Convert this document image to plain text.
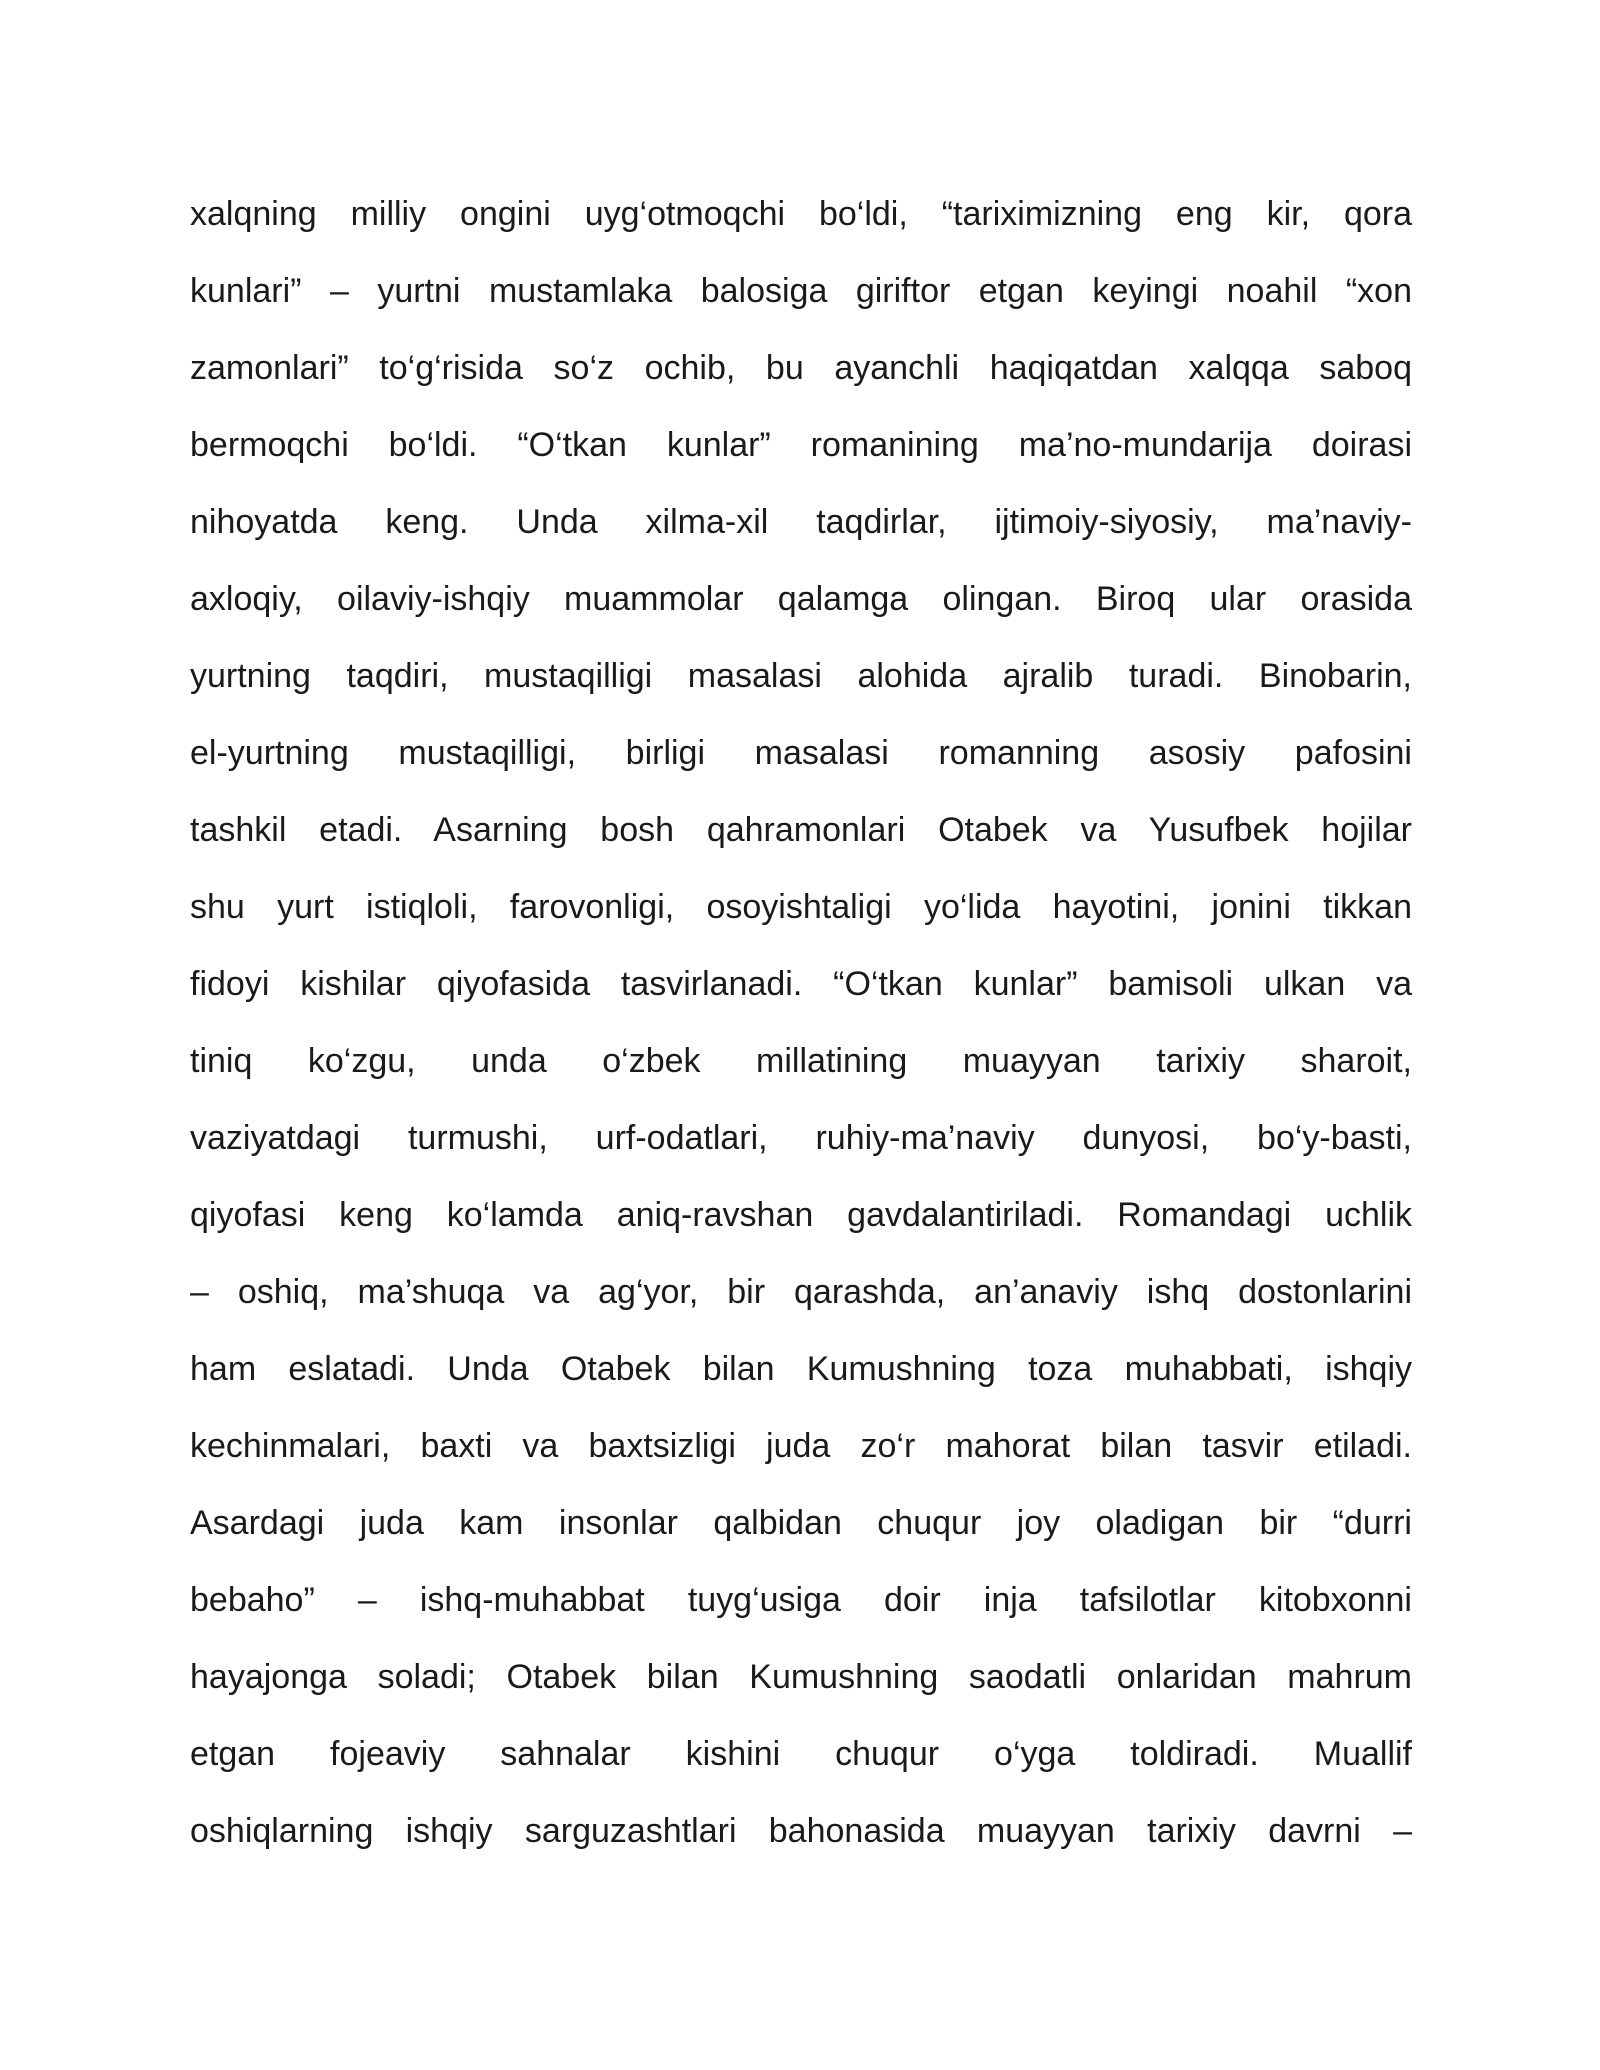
xalqning milliy ongini uyg‘otmoqchi bo‘ldi, “tariximizning eng kir, qora
kunlari” – yurtni mustamlaka balosiga giriftor etgan keyingi noahil “xon
zamonlari” to‘g‘risida so‘z ochib, bu ayanchli haqiqatdan xalqqa saboq
bermoqchi bo‘ldi. “O‘tkan kunlar” romanining ma’no-mundarija doirasi
nihoyatda keng. Unda xilma-xil taqdirlar, ijtimoiy-siyosiy, ma’naviy-
axloqiy, oilaviy-ishqiy muammolar qalamga olingan. Biroq ular orasida
yurtning taqdiri, mustaqilligi masalasi alohida ajralib turadi. Binobarin,
el-yurtning mustaqilligi, birligi masalasi romanning asosiy pafosini
tashkil etadi. Asarning bosh qahramonlari Otabek va Yusufbek hojilar
shu yurt istiqloli, farovonligi, osoyishtaligi yo‘lida hayotini, jonini tikkan
fidoyi kishilar qiyofasida tasvirlanadi. “O‘tkan kunlar” bamisoli ulkan va
tiniq ko‘zgu, unda o‘zbek millatining muayyan tarixiy sharoit,
vaziyatdagi turmushi, urf-odatlari, ruhiy-ma’naviy dunyosi, bo‘y-basti,
qiyofasi keng ko‘lamda aniq-ravshan gavdalantiriladi. Romandagi uchlik
– oshiq, ma’shuqa va ag‘yor, bir qarashda, an’anaviy ishq dostonlarini
ham eslatadi. Unda Otabek bilan Kumushning toza muhabbati, ishqiy
kechinmalari, baxti va baxtsizligi juda zo‘r mahorat bilan tasvir etiladi.
Asardagi juda kam insonlar qalbidan chuqur joy oladigan bir “durri
bebaho” – ishq-muhabbat tuyg‘usiga doir inja tafsilotlar kitobxonni
hayajonga soladi; Otabek bilan Kumushning saodatli onlaridan mahrum
etgan fojeaviy sahnalar kishini chuqur o‘yga toldiradi. Muallif
oshiqlarning ishqiy sarguzashtlari bahonasida muayyan tarixiy davrni –
